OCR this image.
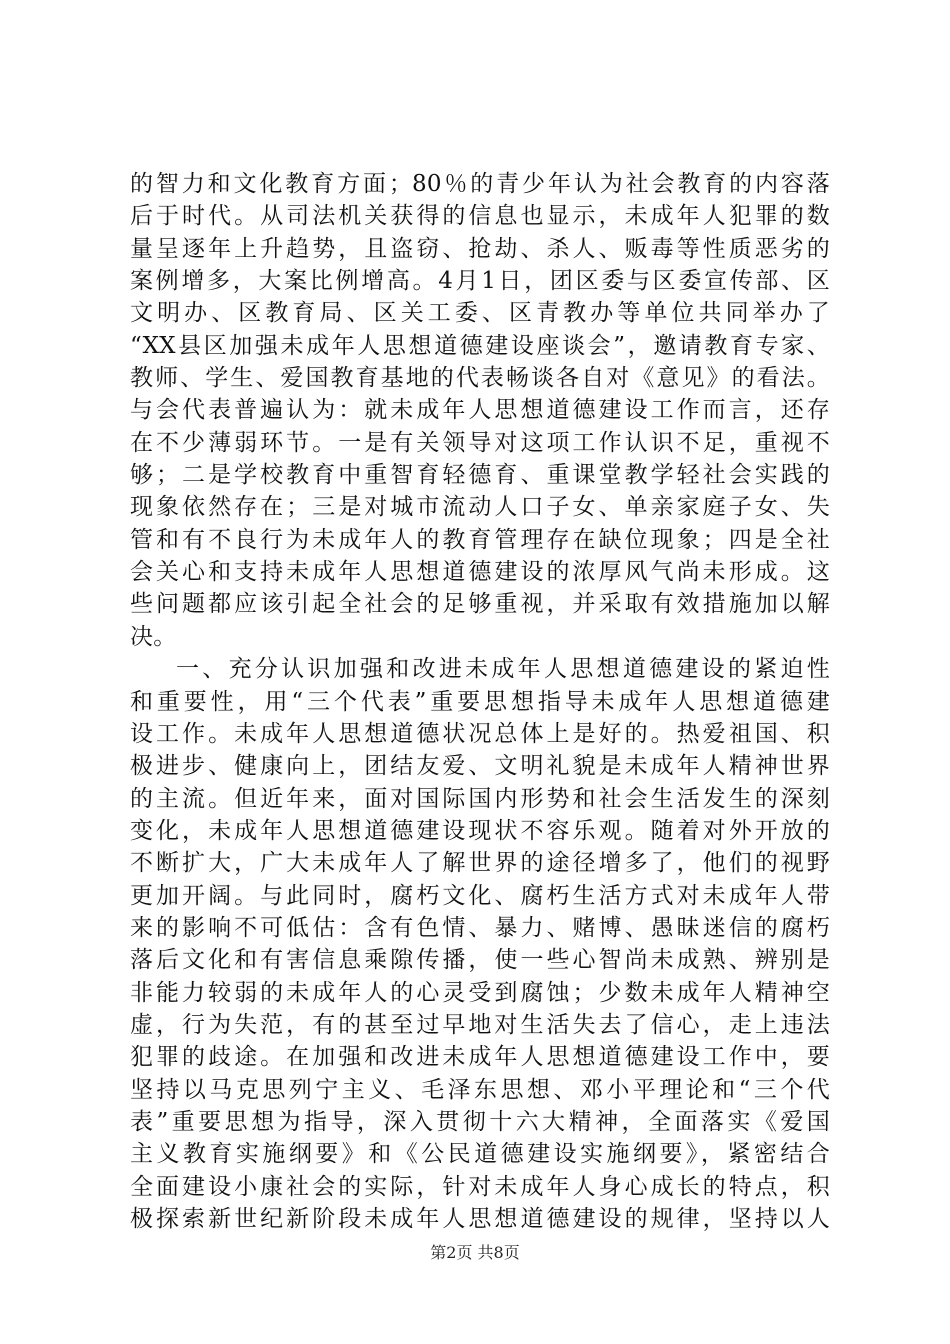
的智力和文化教育方面；80％的青少年认为社会教育的内容落
后于时代。从司法机关获得的信息也显示，未成年人犯罪的数
量呈逐年上升趋势，且盗窃、抢劫、杀人、贩毒等性质恶劣的
案例增多，大案比例增高。4月1日，团区委与区委宣传部、区
文明办、区教育局、区关工委、区青教办等单位共同举办了
“XX县区加强未成年人思想道德建设座谈会”，邀请教育专家、
教师、学生、爱国教育基地的代表畅谈各自对《意见》的看法。
与会代表普遍认为：就未成年人思想道德建设工作而言，还存
在不少薄弱环节。一是有关领导对这项工作认识不足，重视不
够；二是学校教育中重智育轻德育、重课堂教学轻社会实践的
现象依然存在；三是对城市流动人口子女、单亲家庭子女、失
管和有不良行为未成年人的教育管理存在缺位现象；四是全社
会关心和支持未成年人思想道德建设的浓厚风气尚未形成。这
些问题都应该引起全社会的足够重视，并采取有效措施加以解
决。
一、充分认识加强和改进未成年人思想道德建设的紧迫性
和重要性，用“三个代表”重要思想指导未成年人思想道德建
设工作。未成年人思想道德状况总体上是好的。热爱祖国、积
极进步、健康向上，团结友爱、文明礼貌是未成年人精神世界
的主流。但近年来，面对国际国内形势和社会生活发生的深刻
变化，未成年人思想道德建设现状不容乐观。随着对外开放的
不断扩大，广大未成年人了解世界的途径增多了，他们的视野
更加开阔。与此同时，腐朽文化、腐朽生活方式对未成年人带
来的影响不可低估：含有色情、暴力、赌博、愚昧迷信的腐朽
落后文化和有害信息乘隙传播，使一些心智尚未成熟、辨别是
非能力较弱的未成年人的心灵受到腐蚀；少数未成年人精神空
虚，行为失范，有的甚至过早地对生活失去了信心，走上违法
犯罪的歧途。在加强和改进未成年人思想道德建设工作中，要
坚持以马克思列宁主义、毛泽东思想、邓小平理论和“三个代
表”重要思想为指导，深入贯彻十六大精神，全面落实《爱国
主义教育实施纲要》和《公民道德建设实施纲要》，紧密结合
全面建设小康社会的实际，针对未成年人身心成长的特点，积
极探索新世纪新阶段未成年人思想道德建设的规律，坚持以人
第2页 共8页
